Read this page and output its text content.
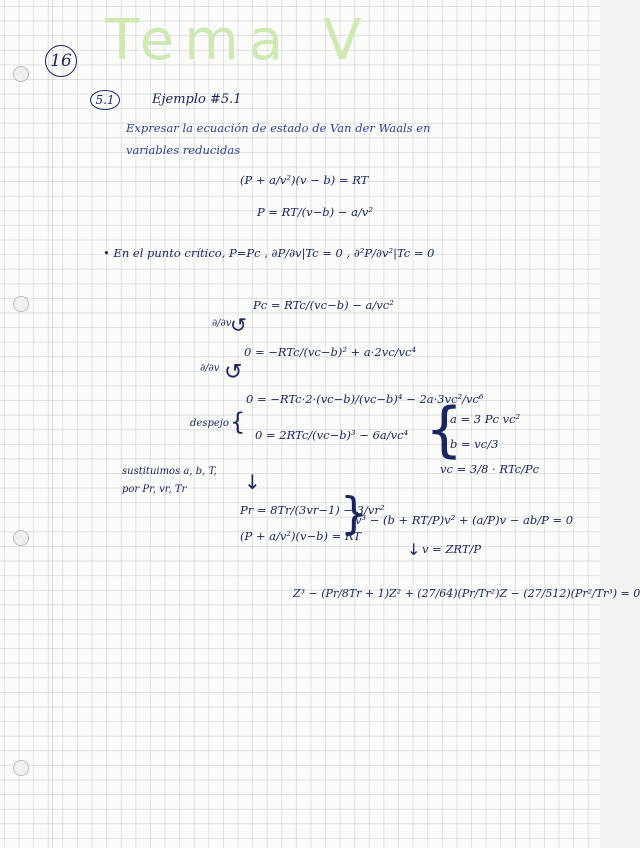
Tema V
16
5.1	Ejemplo #5.1
Expresar la ecuación de estado de Van der Waals en
variables reducidas
(P + a/v²)(v − b) = RT
P = RT/(v−b) − a/v²
• En el punto crítico, P=Pc , ∂P/∂v|Tc = 0 , ∂²P/∂v²|Tc = 0
Pc = RTc/(vc−b) − a/vc²
∂/∂v
↺
0 = −RTc/(vc−b)² + a·2vc/vc⁴
∂/∂v ↺
0 = −RTc·2·(vc−b)/(vc−b)⁴ − 2a·3vc²/vc⁶
despejo { 0 = 2RTc/(vc−b)³ − 6a/vc⁴ {
a = 3 Pc vc²
b = vc/3
vc = 3/8 · RTc/Pc
sustituimos a, b, T,
por Pr, vr, Tr	↓
Pr = 8Tr/(3vr−1) − 3/vr²
(P + a/v²)(v−b) = RT
}
v³ − (b + RT/P)v² + (a/P)v − ab/P = 0
↓ v = ZRT/P
Z³ − (Pr/8Tr + 1)Z² + (27/64)(Pr/Tr²)Z − (27/512)(Pr²/Tr³) = 0
